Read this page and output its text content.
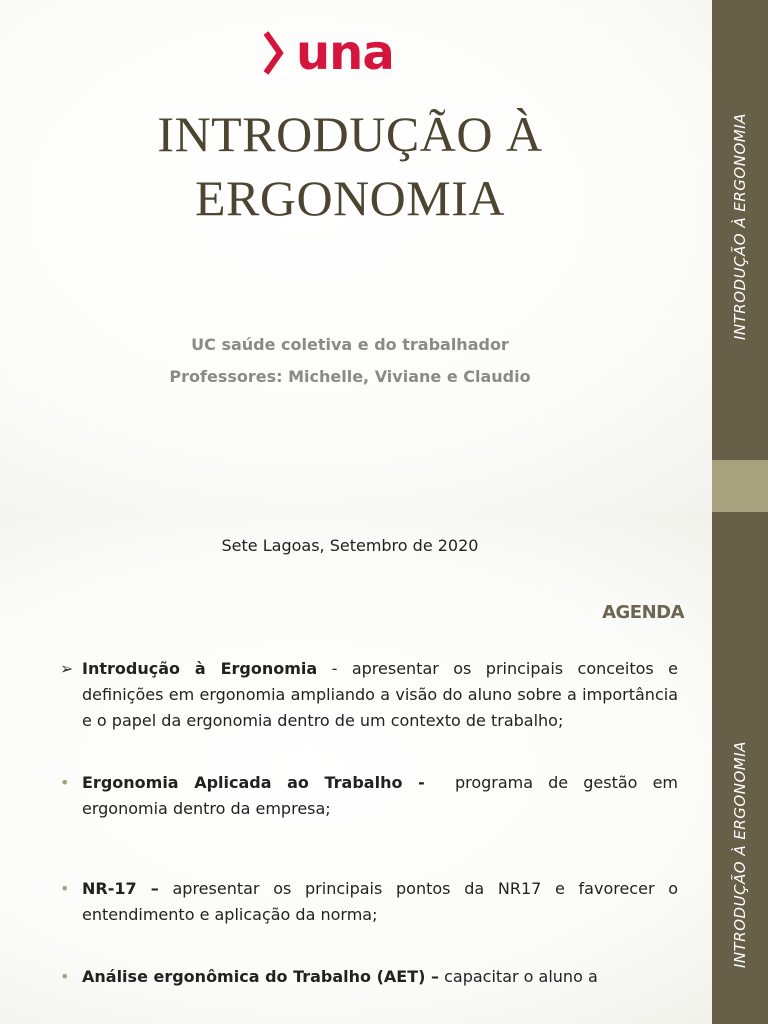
una
INTRODUÇÃO À
ERGONOMIA
UC saúde coletiva e do trabalhador
Professores: Michelle, Viviane e Claudio
INTRODUÇÃO À ERGONOMIA
AGENDA
➢ Introdução à Ergonomia - apresentar os principais conceitos e definições em ergonomia ampliando a visão do aluno sobre a importância e o papel da ergonomia dentro de um contexto de trabalho;
• Ergonomia Aplicada ao Trabalho -  programa de gestão em ergonomia dentro da empresa;
• NR-17 – apresentar os principais pontos da NR17 e favorecer o entendimento e aplicação da norma;
• Análise ergonômica do Trabalho (AET) – capacitar o aluno a
INTRODUÇÃO À ERGONOMIA
Sete Lagoas, Setembro de 2020
